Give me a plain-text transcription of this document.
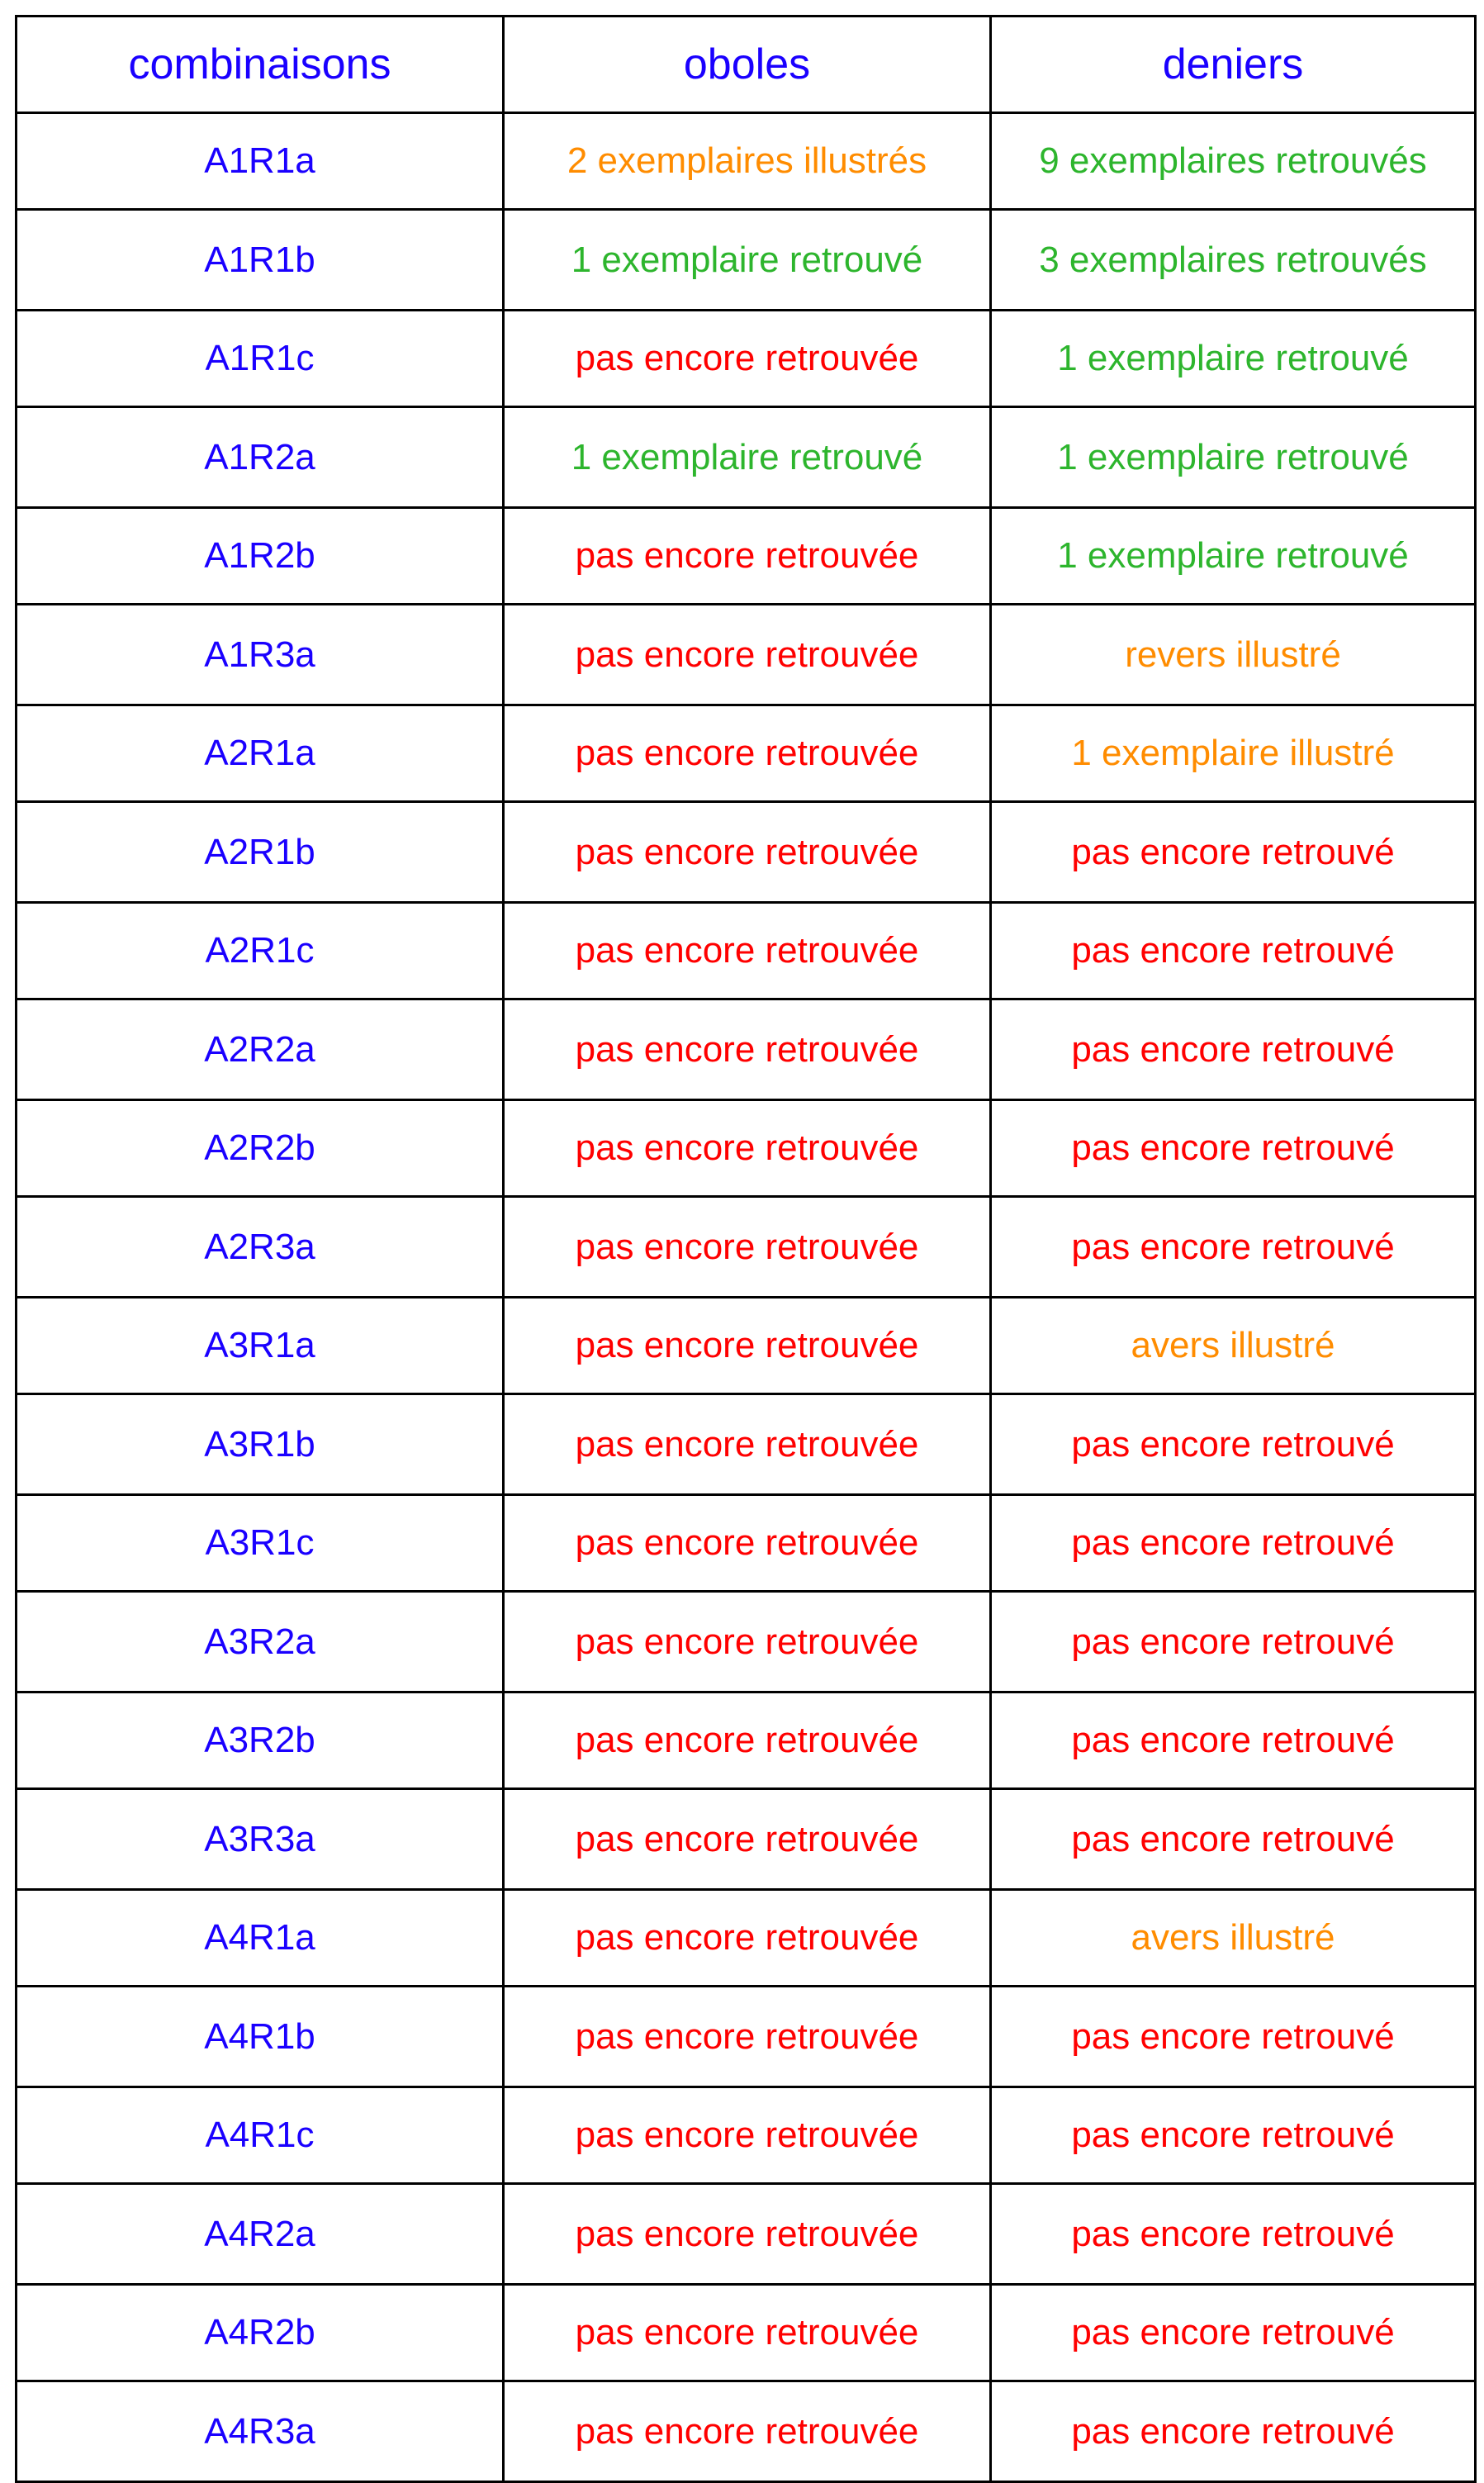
combinaisons	oboles	deniers
A1R1a	2 exemplaires illustrés	9 exemplaires retrouvés
A1R1b	1 exemplaire retrouvé	3 exemplaires retrouvés
A1R1c	pas encore retrouvée	1 exemplaire retrouvé
A1R2a	1 exemplaire retrouvé	1 exemplaire retrouvé
A1R2b	pas encore retrouvée	1 exemplaire retrouvé
A1R3a	pas encore retrouvée	revers illustré
A2R1a	pas encore retrouvée	1 exemplaire illustré
A2R1b	pas encore retrouvée	pas encore retrouvé
A2R1c	pas encore retrouvée	pas encore retrouvé
A2R2a	pas encore retrouvée	pas encore retrouvé
A2R2b	pas encore retrouvée	pas encore retrouvé
A2R3a	pas encore retrouvée	pas encore retrouvé
A3R1a	pas encore retrouvée	avers illustré
A3R1b	pas encore retrouvée	pas encore retrouvé
A3R1c	pas encore retrouvée	pas encore retrouvé
A3R2a	pas encore retrouvée	pas encore retrouvé
A3R2b	pas encore retrouvée	pas encore retrouvé
A3R3a	pas encore retrouvée	pas encore retrouvé
A4R1a	pas encore retrouvée	avers illustré
A4R1b	pas encore retrouvée	pas encore retrouvé
A4R1c	pas encore retrouvée	pas encore retrouvé
A4R2a	pas encore retrouvée	pas encore retrouvé
A4R2b	pas encore retrouvée	pas encore retrouvé
A4R3a	pas encore retrouvée	pas encore retrouvé
